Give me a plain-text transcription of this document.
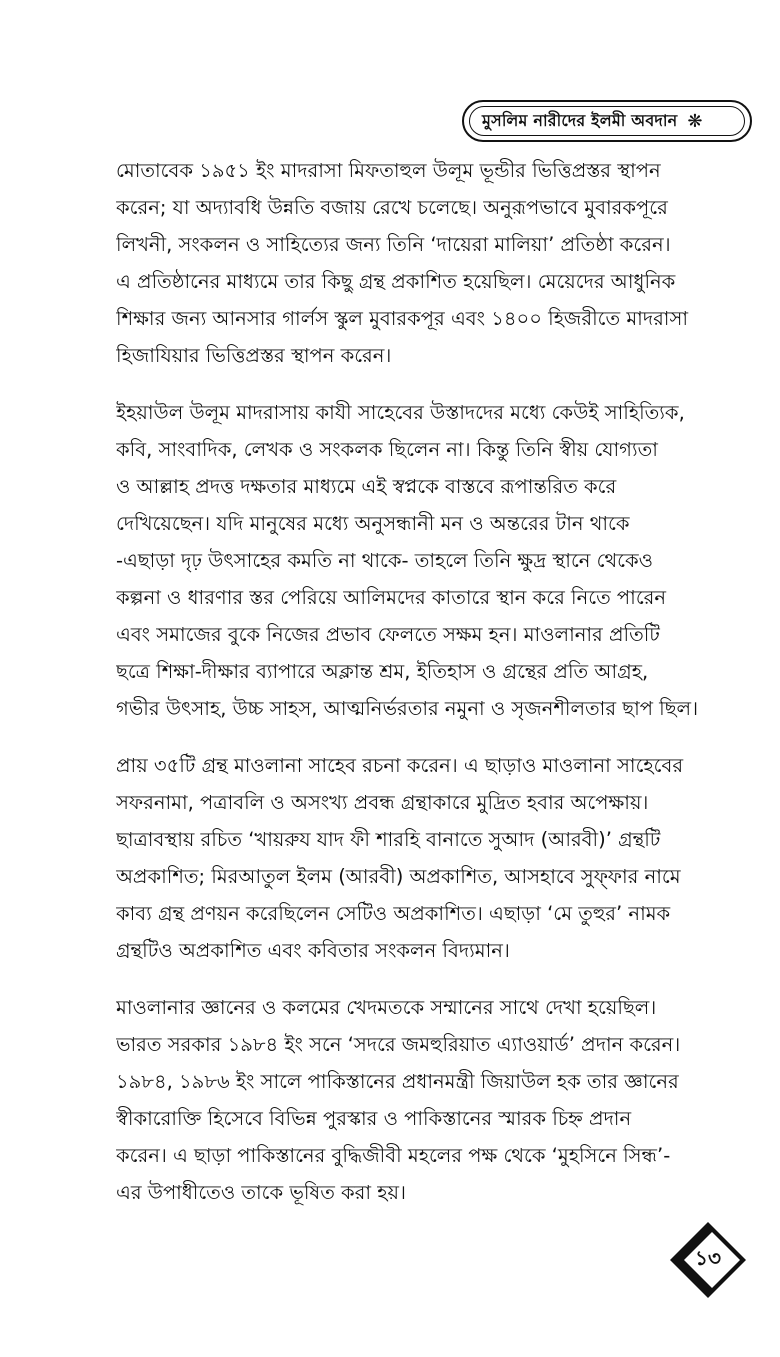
মুসলিম নারীদের ইলমী অবদান ❋

মোতাবেক ১৯৫১ ইং মাদরাসা মিফতাহুল উলূম ভূন্ডীর ভিত্তিপ্রস্তর স্থাপন
করেন; যা অদ্যাবধি উন্নতি বজায় রেখে চলেছে। অনুরূপভাবে মুবারকপূরে
লিখনী, সংকলন ও সাহিত্যের জন্য তিনি ‘দায়েরা মালিয়া’ প্রতিষ্ঠা করেন।
এ প্রতিষ্ঠানের মাধ্যমে তার কিছু গ্রন্থ প্রকাশিত হয়েছিল। মেয়েদের আধুনিক
শিক্ষার জন্য আনসার গার্লস স্কুল মুবারকপূর এবং ১৪০০ হিজরীতে মাদরাসা
হিজাযিয়ার ভিত্তিপ্রস্তর স্থাপন করেন।

ইহয়াউল উলূম মাদরাসায় কাযী সাহেবের উস্তাদদের মধ্যে কেউই সাহিত্যিক,
কবি, সাংবাদিক, লেখক ও সংকলক ছিলেন না। কিন্তু তিনি স্বীয় যোগ্যতা
ও আল্লাহ প্রদত্ত দক্ষতার মাধ্যমে এই স্বপ্নকে বাস্তবে রূপান্তরিত করে
দেখিয়েছেন। যদি মানুষের মধ্যে অনুসন্ধানী মন ও অন্তরের টান থাকে
-এছাড়া দৃঢ় উৎসাহের কমতি না থাকে- তাহলে তিনি ক্ষুদ্র স্থানে থেকেও
কল্পনা ও ধারণার স্তর পেরিয়ে আলিমদের কাতারে স্থান করে নিতে পারেন
এবং সমাজের বুকে নিজের প্রভাব ফেলতে সক্ষম হন। মাওলানার প্রতিটি
ছত্রে শিক্ষা-দীক্ষার ব্যাপারে অক্লান্ত শ্রম, ইতিহাস ও গ্রন্থের প্রতি আগ্রহ,
গভীর উৎসাহ, উচ্চ সাহস, আত্মনির্ভরতার নমুনা ও সৃজনশীলতার ছাপ ছিল।

প্রায় ৩৫টি গ্রন্থ মাওলানা সাহেব রচনা করেন। এ ছাড়াও মাওলানা সাহেবের
সফরনামা, পত্রাবলি ও অসংখ্য প্রবন্ধ গ্রন্থাকারে মুদ্রিত হবার অপেক্ষায়।
ছাত্রাবস্থায় রচিত ‘খায়রুয যাদ ফী শারহি বানাতে সুআদ (আরবী)’ গ্রন্থটি
অপ্রকাশিত; মিরআতুল ইলম (আরবী) অপ্রকাশিত, আসহাবে সুফ্ফার নামে
কাব্য গ্রন্থ প্রণয়ন করেছিলেন সেটিও অপ্রকাশিত। এছাড়া ‘মে তুহুর’ নামক
গ্রন্থটিও অপ্রকাশিত এবং কবিতার সংকলন বিদ্যমান।

মাওলানার জ্ঞানের ও কলমের খেদমতকে সম্মানের সাথে দেখা হয়েছিল।
ভারত সরকার ১৯৮৪ ইং সনে ‘সদরে জমহুরিয়াত এ্যাওয়ার্ড’ প্রদান করেন।
১৯৮৪, ১৯৮৬ ইং সালে পাকিস্তানের প্রধানমন্ত্রী জিয়াউল হক তার জ্ঞানের
স্বীকারোক্তি হিসেবে বিভিন্ন পুরস্কার ও পাকিস্তানের স্মারক চিহ্ন প্রদান
করেন। এ ছাড়া পাকিস্তানের বুদ্ধিজীবী মহলের পক্ষ থেকে ‘মুহসিনে সিন্ধ’-
এর উপাধীতেও তাকে ভূষিত করা হয়।

১৩
